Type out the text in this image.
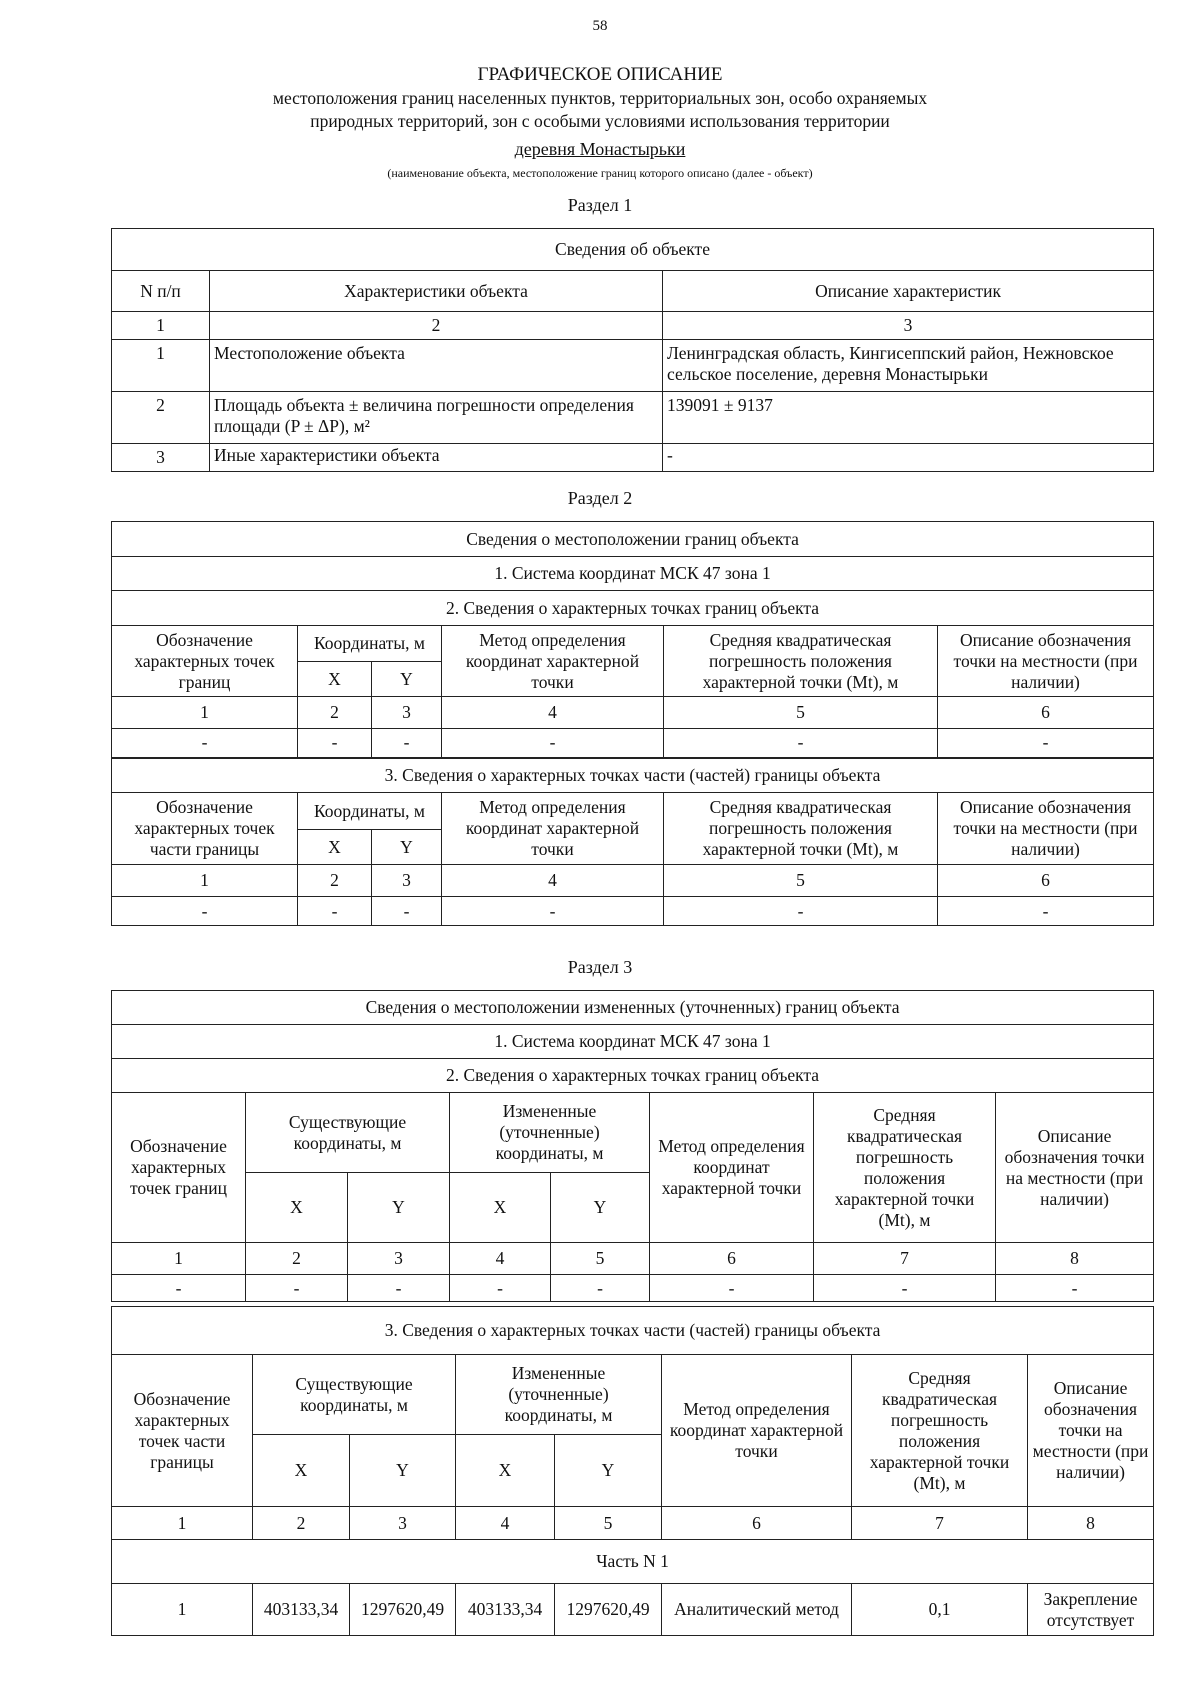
58
ГРАФИЧЕСКОЕ ОПИСАНИЕ
местоположения границ населенных пунктов, территориальных зон, особо охраняемых
природных территорий, зон с особыми условиями использования территории
деревня Монастырьки
(наименование объекта, местоположение границ которого описано (далее - объект)
Раздел 1
Сведения об объекте		
N п/п	Характеристики объекта	Описание характеристик
1	2	3
1	Местоположение объекта	Ленинградская область, Кингисеппский район, Нежновское сельское поселение, деревня Монастырьки
2	Площадь объекта ± величина погрешности определения площади (P ± ΔP), м²	139091 ± 9137
3	Иные характеристики объекта	-
Раздел 2
Сведения о местоположении границ объекта					
1. Система координат МСК 47 зона 1					
2. Сведения о характерных точках границ объекта					
Обозначение характерных точек границ	Координаты, м		Метод определения координат характерной точки	Средняя квадратическая погрешность положения характерной точки (Mt), м	Описание обозначения точки на местности (при наличии)
	X	Y			
1	2	3	4	5	6
-	-	-	-	-	-
3. Сведения о характерных точках части (частей) границы объекта					
Обозначение характерных точек части границы	Координаты, м		Метод определения координат характерной точки	Средняя квадратическая погрешность положения характерной точки (Mt), м	Описание обозначения точки на местности (при наличии)
	X	Y			
1	2	3	4	5	6
-	-	-	-	-	-
Раздел 3
Сведения о местоположении измененных (уточненных) границ объекта							
1. Система координат МСК 47 зона 1							
2. Сведения о характерных точках границ объекта							
Обозначение характерных точек границ	Существующие координаты, м		Измененные (уточненные) координаты, м		Метод определения координат характерной точки	Средняя квадратическая погрешность положения характерной точки (Mt), м	Описание обозначения точки на местности (при наличии)
	X	Y	X	Y			
1	2	3	4	5	6	7	8
-	-	-	-	-	-	-	-
3. Сведения о характерных точках части (частей) границы объекта							
Обозначение характерных точек части границы	Существующие координаты, м		Измененные (уточненные) координаты, м		Метод определения координат характерной точки	Средняя квадратическая погрешность положения характерной точки (Mt), м	Описание обозначения точки на местности (при наличии)
	X	Y	X	Y			
1	2	3	4	5	6	7	8
Часть N 1							
1	403133,34	1297620,49	403133,34	1297620,49	Аналитический метод	0,1	Закрепление отсутствует
